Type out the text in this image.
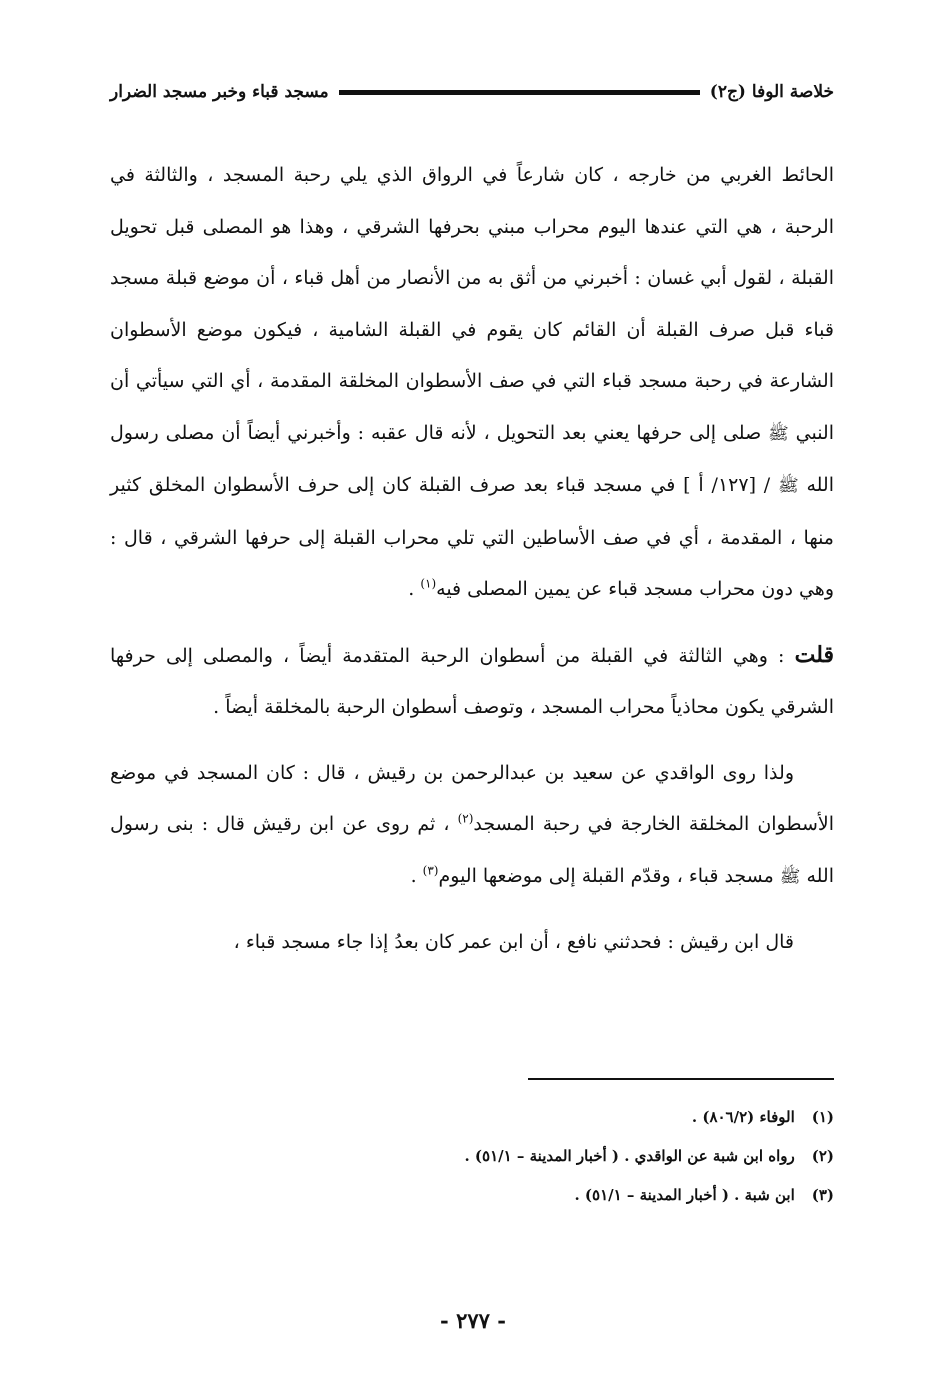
خلاصة الوفا (ج٢)
مسجد قباء وخبر مسجد الضرار

الحائط الغربي من خارجه ، كان شارعاً في الرواق الذي يلي رحبة المسجد ، والثالثة في الرحبة ، هي التي عندها اليوم محراب مبني بحرفها الشرقي ، وهذا هو المصلى قبل تحويل القبلة ، لقول أبي غسان : أخبرني من أثق به من الأنصار من أهل قباء ، أن موضع قبلة مسجد قباء قبل صرف القبلة أن القائم كان يقوم في القبلة الشامية ، فيكون موضع الأسطوان الشارعة في رحبة مسجد قباء التي في صف الأسطوان المخلقة المقدمة ، أي التي سيأتي أن النبي ﷺ صلى إلى حرفها يعني بعد التحويل ، لأنه قال عقبه : وأخبرني أيضاً أن مصلى رسول الله ﷺ / [١٢٧/ أ ] في مسجد قباء بعد صرف القبلة كان إلى حرف الأسطوان المخلق كثير منها ، المقدمة ، أي في صف الأساطين التي تلي محراب القبلة إلى حرفها الشرقي ، قال : وهي دون محراب مسجد قباء عن يمين المصلى فيه$^{(١)}$ .

قلت : وهي الثالثة في القبلة من أسطوان الرحبة المتقدمة أيضاً ، والمصلى إلى حرفها الشرقي يكون محاذياً محراب المسجد ، وتوصف أسطوان الرحبة بالمخلقة أيضاً .

ولذا روى الواقدي عن سعيد بن عبدالرحمن بن رقيش ، قال : كان المسجد في موضع الأسطوان المخلقة الخارجة في رحبة المسجد$^{(٢)}$ ، ثم روى عن ابن رقيش قال : بنى رسول الله ﷺ مسجد قباء ، وقدّم القبلة إلى موضعها اليوم$^{(٣)}$ .

قال ابن رقيش : فحدثني نافع ، أن ابن عمر كان بعدُ إذا جاء مسجد قباء ،

(١) الوفاء (٨٠٦/٢) .

(٢) رواه ابن شبة عن الواقدي . ( أخبار المدينة – ٥١/١) .

(٣) ابن شبة . ( أخبار المدينة – ٥١/١) .

- ٢٧٧ -
